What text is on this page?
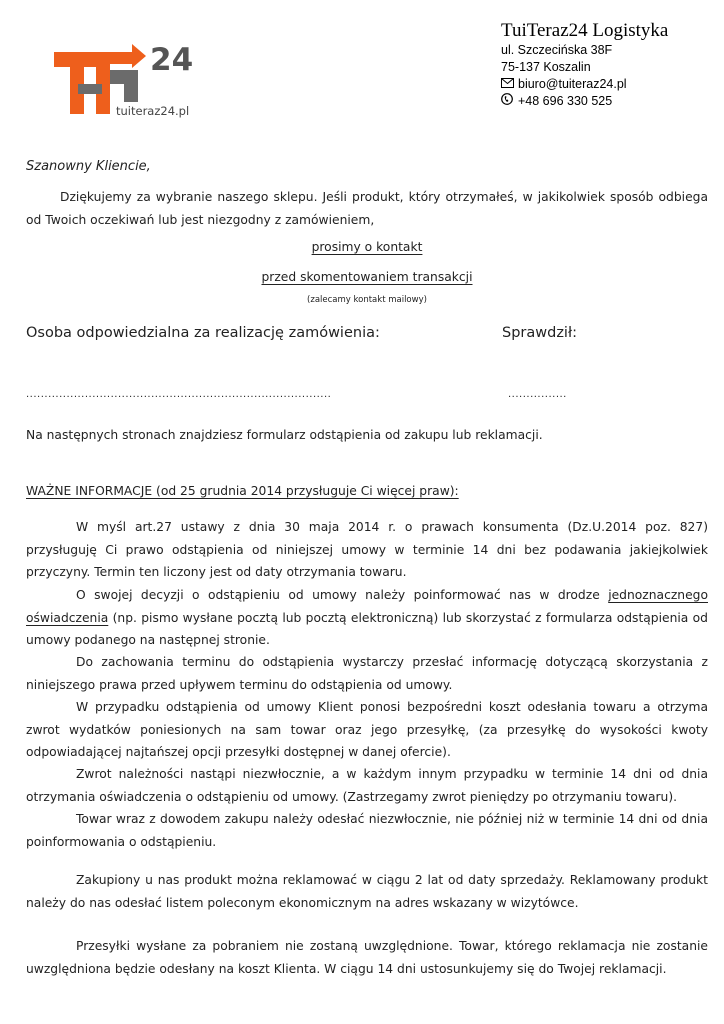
24
tuiteraz24.pl
TuiTeraz24 Logistyka
ul. Szczecińska 38F
75-137 Koszalin
biuro@tuiteraz24.pl
+48 696 330 525
Szanowny Kliencie,
Dziękujemy za wybranie naszego sklepu. Jeśli produkt, który otrzymałeś, w jakikolwiek sposób odbiega od Twoich oczekiwań lub jest niezgodny z zamówieniem,
prosimy o kontakt
przed skomentowaniem transakcji
(zalecamy kontakt mailowy)
Osoba odpowiedzialna za realizację zamówienia:	Sprawdził:
...................................................................................	................
Na następnych stronach znajdziesz formularz odstąpienia od zakupu lub reklamacji.
WAŻNE INFORMACJE (od 25 grudnia 2014 przysługuje Ci więcej praw):
W myśl art.27 ustawy z dnia 30 maja 2014 r. o prawach konsumenta (Dz.U.2014 poz. 827) przysługuję Ci prawo odstąpienia od niniejszej umowy w terminie 14 dni bez podawania jakiejkolwiek przyczyny. Termin ten liczony jest od daty otrzymania towaru.
O swojej decyzji o odstąpieniu od umowy należy poinformować nas w drodze jednoznacznego oświadczenia (np. pismo wysłane pocztą lub pocztą elektroniczną) lub skorzystać z formularza odstąpienia od umowy podanego na następnej stronie.
Do zachowania terminu do odstąpienia wystarczy przesłać informację dotyczącą skorzystania z niniejszego prawa przed upływem terminu do odstąpienia od umowy.
W przypadku odstąpienia od umowy Klient ponosi bezpośredni koszt odesłania towaru a otrzyma zwrot wydatków poniesionych na sam towar oraz jego przesyłkę, (za przesyłkę do wysokości kwoty odpowiadającej najtańszej opcji przesyłki dostępnej w danej ofercie).
Zwrot należności nastąpi niezwłocznie, a w każdym innym przypadku w terminie 14 dni od dnia otrzymania oświadczenia o odstąpieniu od umowy. (Zastrzegamy zwrot pieniędzy po otrzymaniu towaru).
Towar wraz z dowodem zakupu należy odesłać niezwłocznie, nie później niż w terminie 14 dni od dnia poinformowania o odstąpieniu.
Zakupiony u nas produkt można reklamować w ciągu 2 lat od daty sprzedaży. Reklamowany produkt należy do nas odesłać listem poleconym ekonomicznym na adres wskazany w wizytówce.
Przesyłki wysłane za pobraniem nie zostaną uwzględnione. Towar, którego reklamacja nie zostanie uwzględniona będzie odesłany na koszt Klienta. W ciągu 14 dni ustosunkujemy się do Twojej reklamacji.
